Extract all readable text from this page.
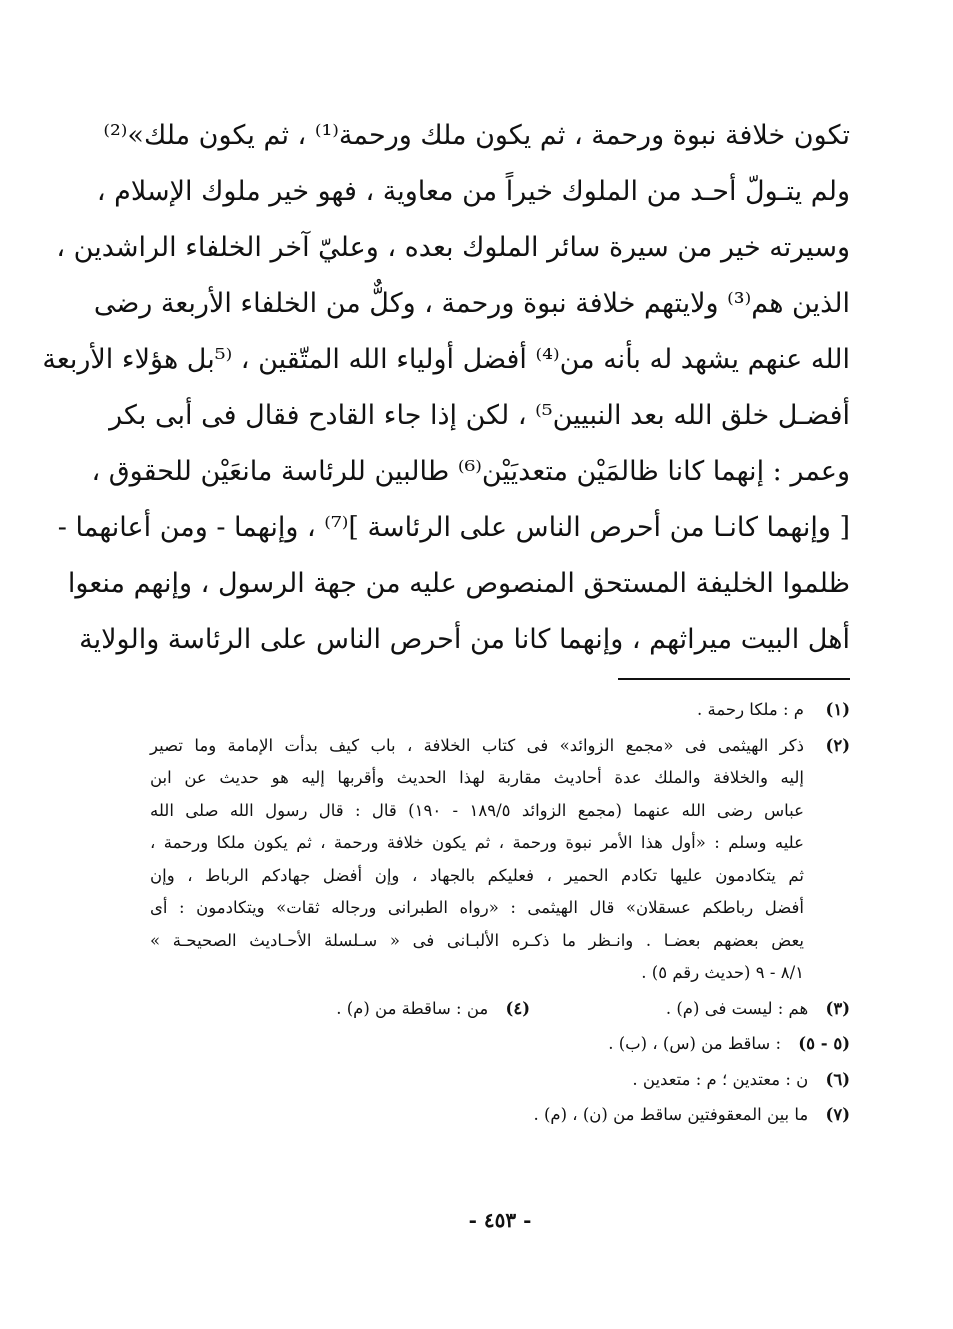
تكون خلافة نبوة ورحمة ، ثم يكون ملك ورحمة⁽¹⁾ ، ثم يكون ملك»⁽²⁾
ولم يتـولّ أحـد من الملوك خيراً من معاوية ، فهو خير ملوك الإسلام ،
وسيرته خير من سيرة سائر الملوك بعده ، وعليّ آخر الخلفاء الراشدين ،
الذين هم⁽³⁾ ولايتهم خلافة نبوة ورحمة ، وكلٌّ من الخلفاء الأربعة رضى
الله عنهم يشهد له بأنه من⁽⁴⁾ أفضل أولياء الله المتّقين ، ⁽⁵بل هؤلاء الأربعة
أفضـل خلق الله بعد النبيين⁵⁾ ، لكن إذا جاء القادح فقال فى أبى بكر
وعمر : إنهما كانا ظالمَيْن متعديَيْن⁽⁶⁾ طالبين للرئاسة مانعَيْن للحقوق ،
[ وإنهما كانـا من أحرص الناس على الرئاسة ]⁽⁷⁾ ، وإنهما - ومن أعانهما -
ظلموا الخليفة المستحق المنصوص عليه من جهة الرسول ، وإنهم منعوا
أهل البيت ميراثهم ، وإنهما كانا من أحرص الناس على الرئاسة والولاية
(١)
م : ملكا رحمة .
(٢)
ذكر الهيثمى فى «مجمع الزوائد» فى كتاب الخلافة ، باب كيف بدأت الإمامة وما تصير
إليه والخلافة والملك عدة أحاديث مقاربة لهذا الحديث وأقربها إليه هو حديث عن ابن
عباس رضى الله عنهما (مجمع الزوائد ١٨٩/٥ - ١٩٠) قال : قال رسول الله صلى الله
عليه وسلم : «أول هذا الأمر نبوة ورحمة ، ثم يكون خلافة ورحمة ، ثم يكون ملكا ورحمة ،
ثم يتكادمون عليها تكادم الحمير ، فعليكم بالجهاد ، وإن أفضل جهادكم الرباط ، وإن
أفضل رباطكم عسقلان» قال الهيثمى : «رواه الطبرانى ورجاله ثقات» ويتكادمون : أى
يعض بعضهم بعضـا . وانـظر ما ذكـره الألبـانى فى « سـلسلة الأحـاديث الصحيحـة »
٨/١ - ٩ (حديث رقم ٥) .
(٣) هم : ليست فى (م) .
(٤) من : ساقطة من (م) .
(٥ - ٥) : ساقط من (س) ، (ب) .
(٦) ن : معتدين ؛ م : متعدين .
(٧) ما بين المعقوفتين ساقط من (ن) ، (م) .
- ٤٥٣ -
